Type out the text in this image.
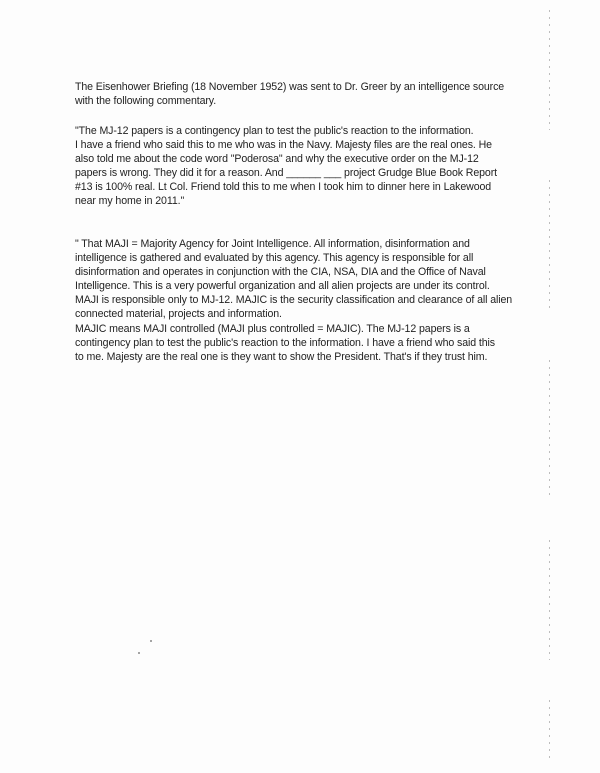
The Eisenhower Briefing (18 November 1952) was sent to Dr. Greer by an intelligence source
with the following commentary.

"The MJ-12 papers is a contingency plan to test the public's reaction to the information.
I have a friend who said this to me who was in the Navy. Majesty files are the real ones. He
also told me about the code word "Poderosa" and why the executive order on the MJ-12
papers is wrong. They did it for a reason. And ______ ___ project Grudge Blue Book Report
#13 is 100% real. Lt Col. Friend told this to me when I took him to dinner here in Lakewood
near my home in 2011."

" That MAJI = Majority Agency for Joint Intelligence. All information, disinformation and
intelligence is gathered and evaluated by this agency. This agency is responsible for all
disinformation and operates in conjunction with the CIA, NSA, DIA and the Office of Naval
Intelligence. This is a very powerful organization and all alien projects are under its control.
MAJI is responsible only to MJ-12. MAJIC is the security classification and clearance of all alien
connected material, projects and information.

MAJIC means MAJI controlled (MAJI plus controlled = MAJIC). The MJ-12 papers is a
contingency plan to test the public's reaction to the information. I have a friend who said this
to me. Majesty are the real one is they want to show the President. That's if they trust him.
